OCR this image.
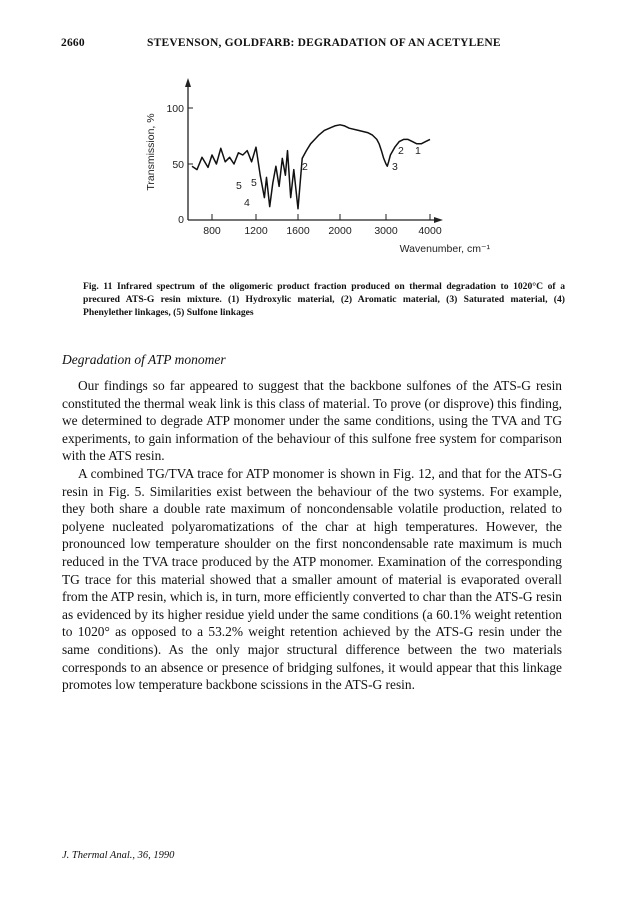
2660	STEVENSON, GOLDFARB: DEGRADATION OF AN ACETYLENE
Transmission, %
100
50
0
800 1200 1600 2000 3000 4000
Wavenumber, cm⁻¹
5 5
4
2	3
2 1
Fig. 11 Infrared spectrum of the oligomeric product fraction produced on thermal degradation to 1020°C of a precured ATS-G resin mixture. (1) Hydroxylic material, (2) Aromatic material, (3) Saturated material, (4) Phenylether linkages, (5) Sulfone linkages
Degradation of ATP monomer

Our findings so far appeared to suggest that the backbone sulfones of the ATS-G resin constituted the thermal weak link is this class of material. To prove (or disprove) this finding, we determined to degrade ATP monomer under the same conditions, using the TVA and TG experiments, to gain information of the behaviour of this sulfone free system for comparison with the ATS resin.

A combined TG/TVA trace for ATP monomer is shown in Fig. 12, and that for the ATS-G resin in Fig. 5. Similarities exist between the behaviour of the two systems. For example, they both share a double rate maximum of noncondensable volatile production, related to polyene nucleated polyaromatizations of the char at high temperatures. However, the pronounced low temperature shoulder on the first noncondensable rate maximum is much reduced in the TVA trace produced by the ATP monomer. Examination of the corresponding TG trace for this material showed that a smaller amount of material is evaporated overall from the ATP resin, which is, in turn, more efficiently converted to char than the ATS-G resin as evidenced by its higher residue yield under the same conditions (a 60.1% weight retention to 1020° as opposed to a 53.2% weight retention achieved by the ATS-G resin under the same conditions). As the only major structural difference between the two materials corresponds to an absence or presence of bridging sulfones, it would appear that this linkage promotes low temperature backbone scissions in the ATS-G resin.

J. Thermal Anal., 36, 1990
